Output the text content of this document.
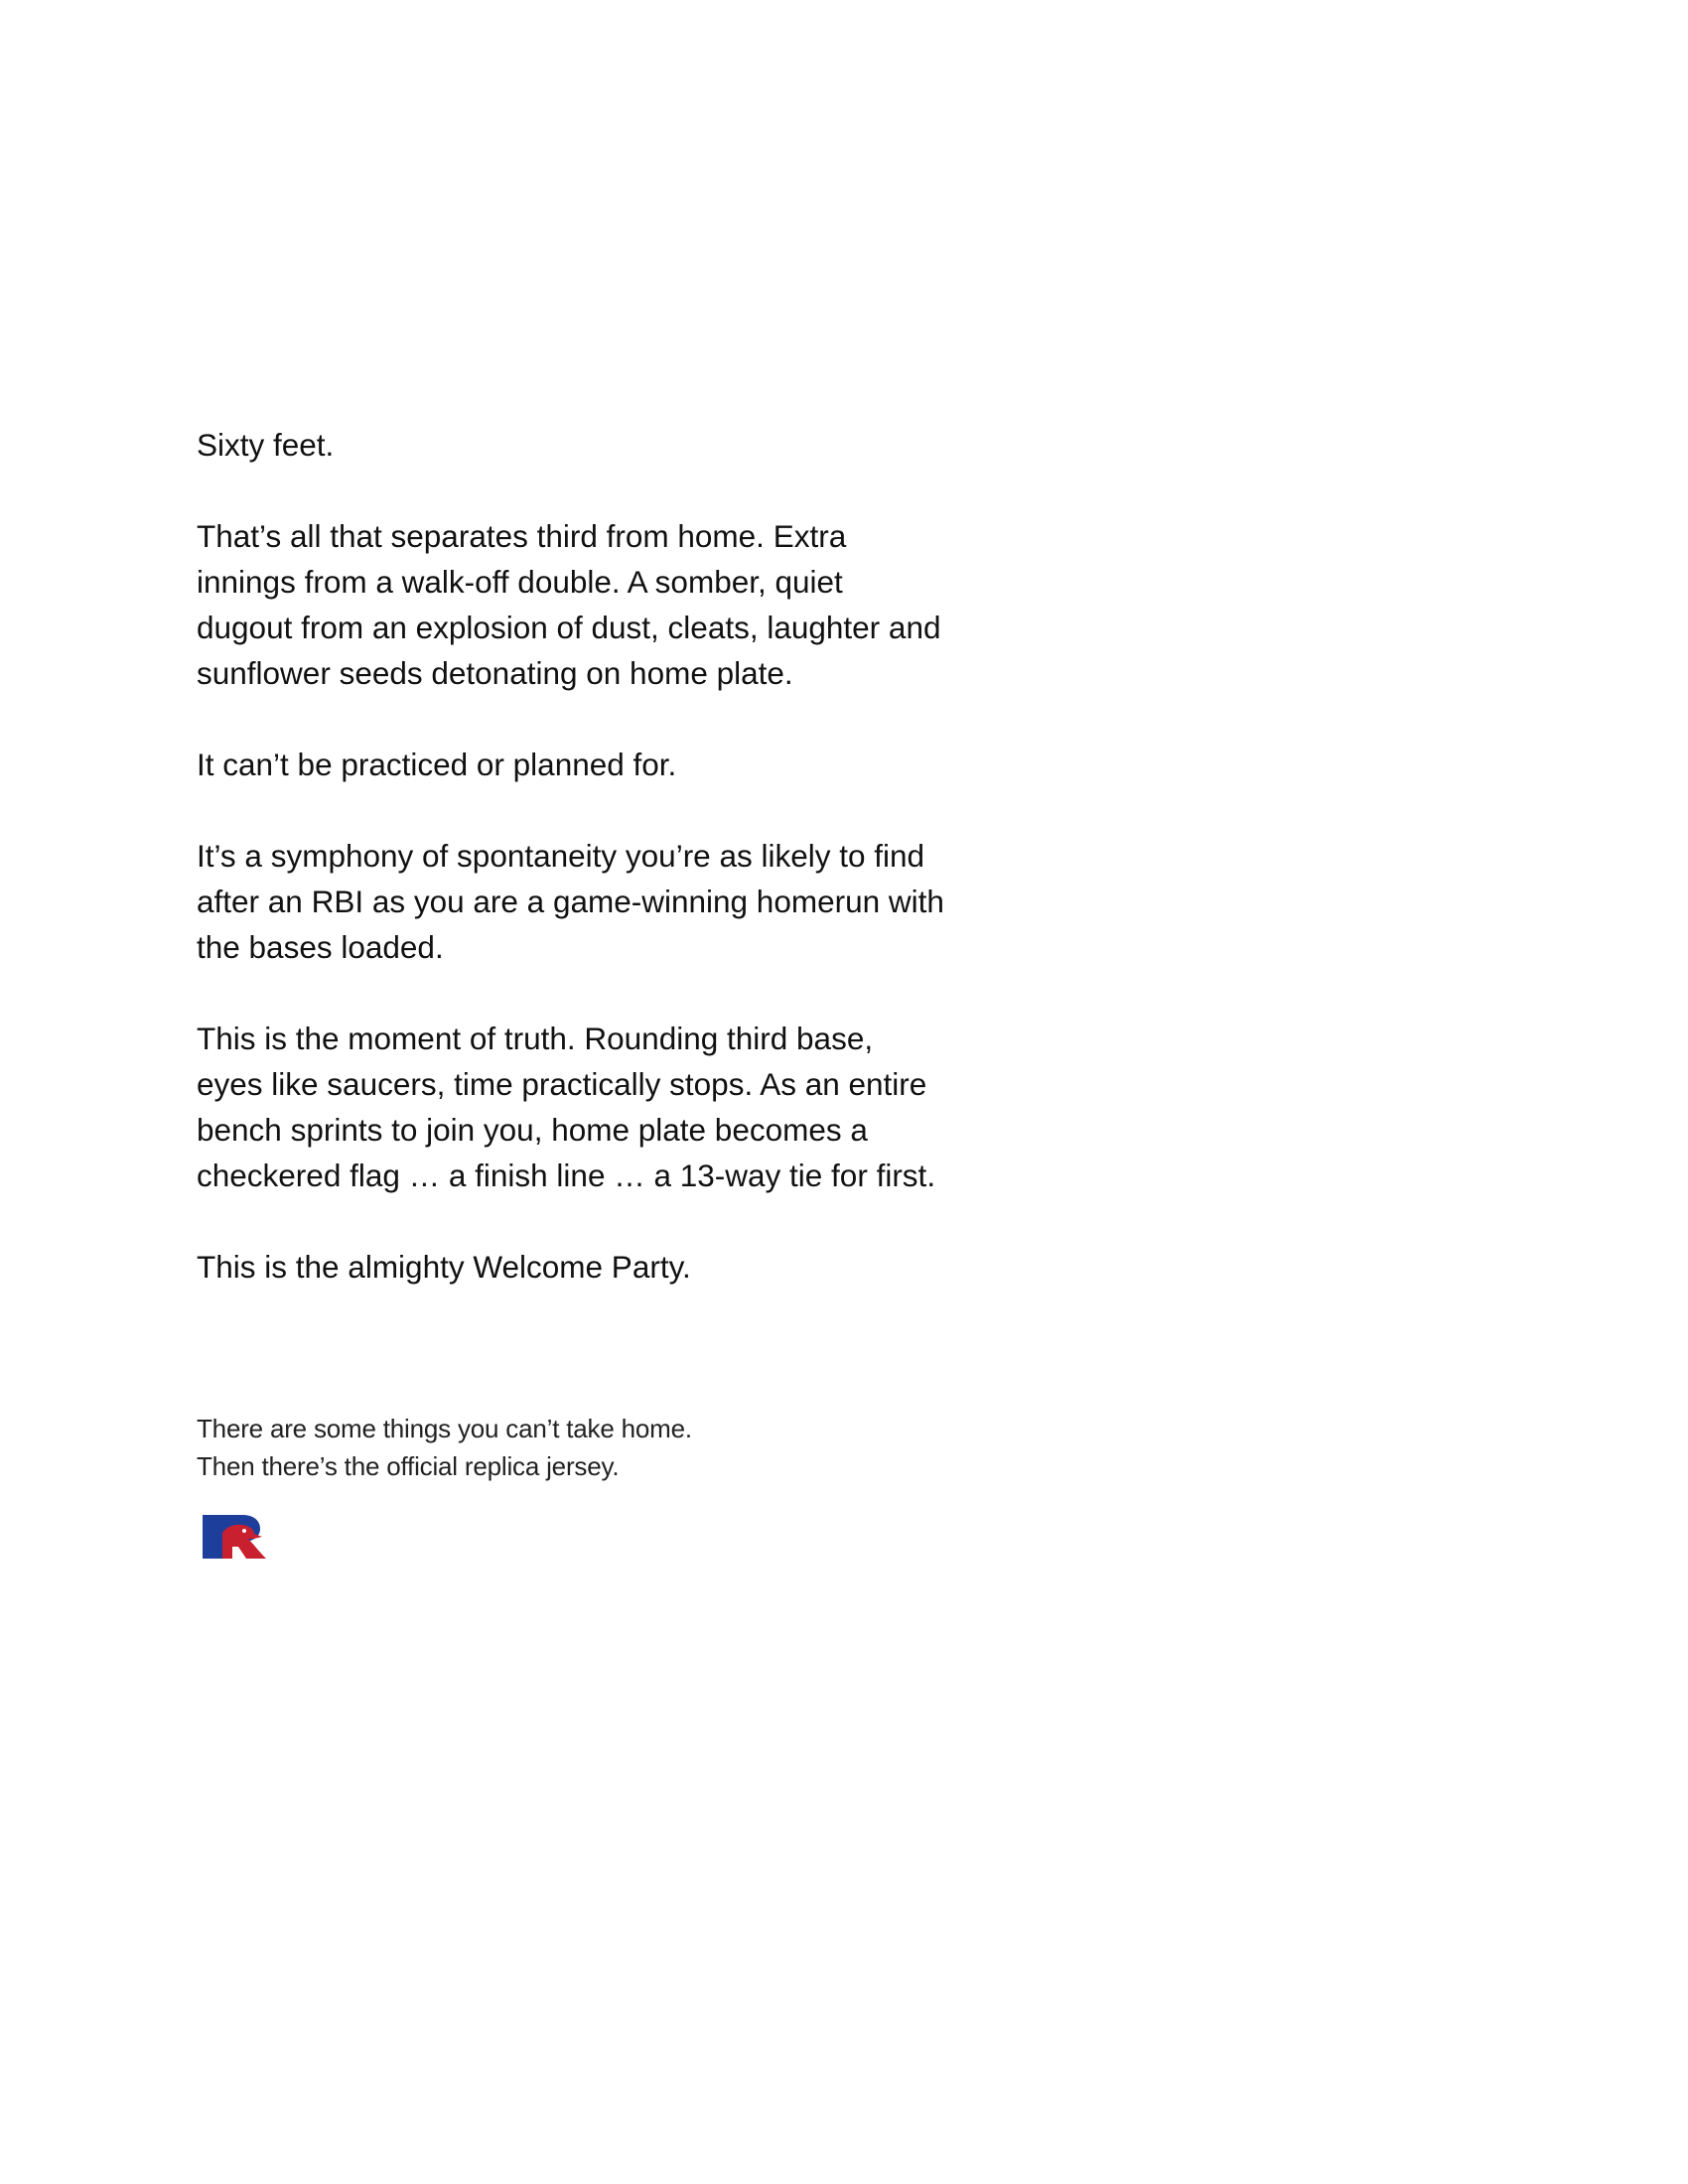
Sixty feet.

That’s all that separates third from home. Extra
innings from a walk-off double. A somber, quiet
dugout from an explosion of dust, cleats, laughter and
sunflower seeds detonating on home plate.

It can’t be practiced or planned for.

It’s a symphony of spontaneity you’re as likely to find
after an RBI as you are a game-winning homerun with
the bases loaded.

This is the moment of truth. Rounding third base,
eyes like saucers, time practically stops. As an entire
bench sprints to join you, home plate becomes a
checkered flag … a finish line … a 13-way tie for first.

This is the almighty Welcome Party.

There are some things you can’t take home.
Then there’s the official replica jersey.
